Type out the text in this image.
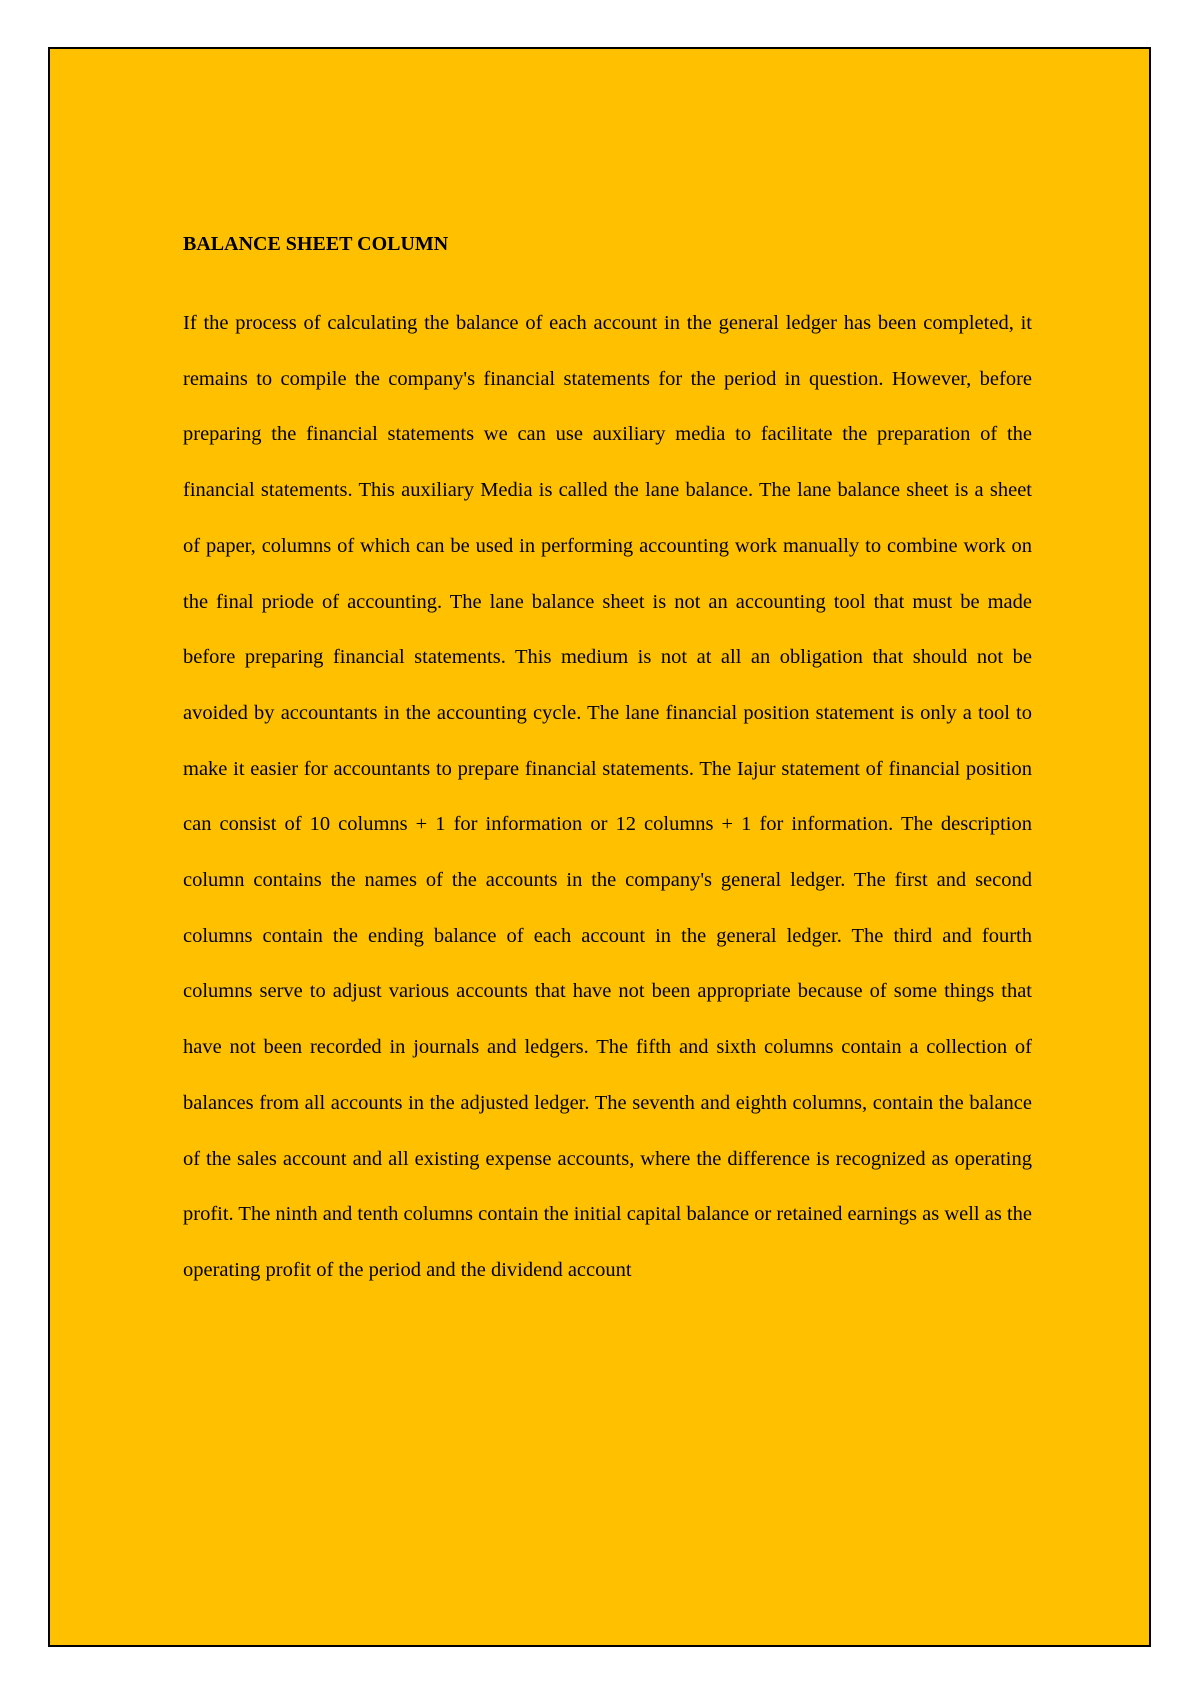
BALANCE SHEET COLUMN

If the process of calculating the balance of each account in the general ledger has been completed, it remains to compile the company's financial statements for the period in question. However, before preparing the financial statements we can use auxiliary media to facilitate the preparation of the financial statements. This auxiliary Media is called the lane balance. The lane balance sheet is a sheet of paper, columns of which can be used in performing accounting work manually to combine work on the final priode of accounting. The lane balance sheet is not an accounting tool that must be made before preparing financial statements. This medium is not at all an obligation that should not be avoided by accountants in the accounting cycle. The lane financial position statement is only a tool to make it easier for accountants to prepare financial statements. The Iajur statement of financial position can consist of 10 columns + 1 for information or 12 columns + 1 for information. The description column contains the names of the accounts in the company's general ledger. The first and second columns contain the ending balance of each account in the general ledger. The third and fourth columns serve to adjust various accounts that have not been appropriate because of some things that have not been recorded in journals and ledgers. The fifth and sixth columns contain a collection of balances from all accounts in the adjusted ledger. The seventh and eighth columns, contain the balance of the sales account and all existing expense accounts, where the difference is recognized as operating profit. The ninth and tenth columns contain the initial capital balance or retained earnings as well as the operating profit of the period and the dividend account
